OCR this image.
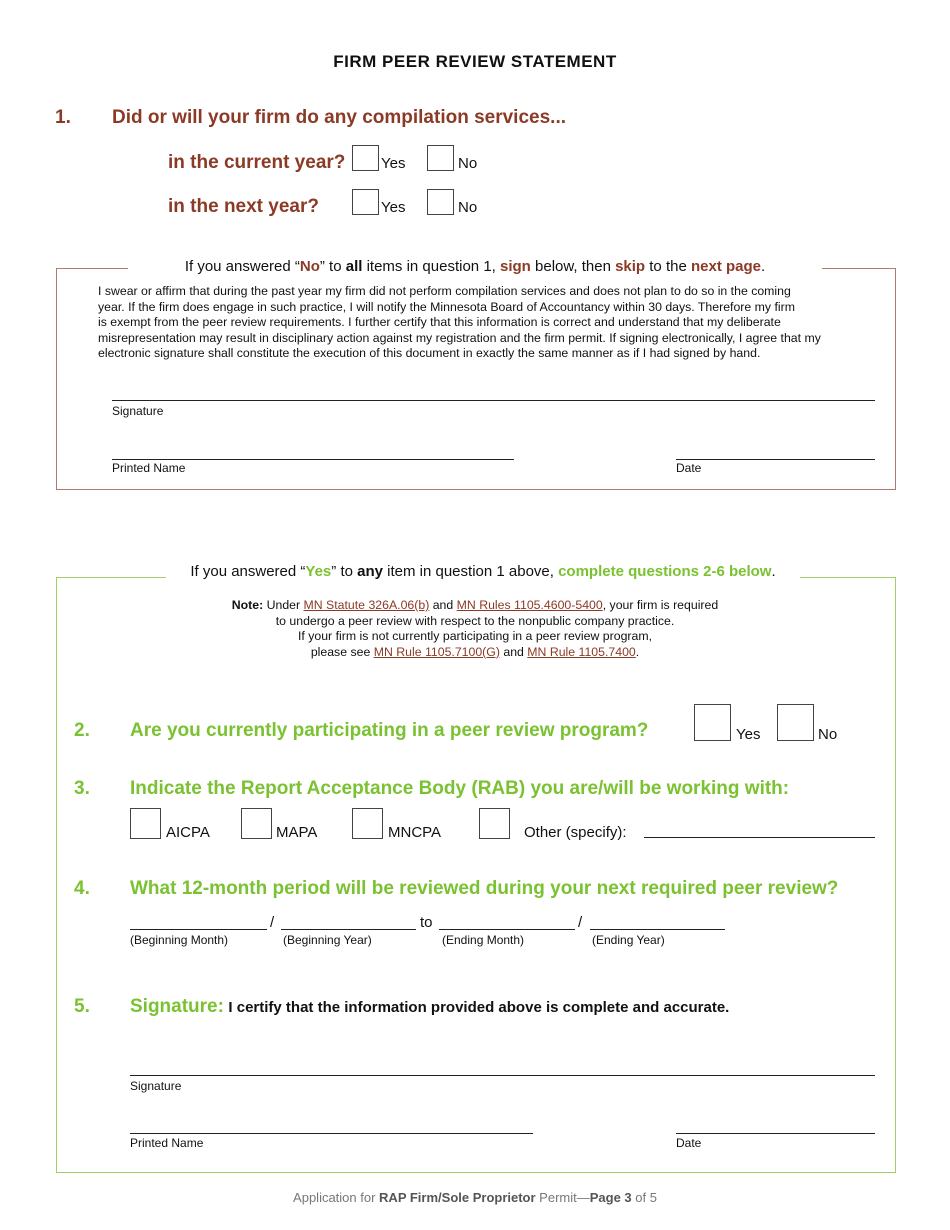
FIRM PEER REVIEW STATEMENT
1. Did or will your firm do any compilation services...
in the current year? Yes	No
in the next year?	Yes	No
If you answered “No” to all items in question 1, sign below, then skip to the next page.
I swear or affirm that during the past year my firm did not perform compilation services and does not plan to do so in the coming
year. If the firm does engage in such practice, I will notify the Minnesota Board of Accountancy within 30 days. Therefore my firm
is exempt from the peer review requirements. I further certify that this information is correct and understand that my deliberate
misrepresentation may result in disciplinary action against my registration and the firm permit. If signing electronically, I agree that my
electronic signature shall constitute the execution of this document in exactly the same manner as if I had signed by hand.
Signature
Printed Name	Date
If you answered “Yes” to any item in question 1 above, complete questions 2-6 below.
Note: Under MN Statute 326A.06(b) and MN Rules 1105.4600-5400, your firm is required
to undergo a peer review with respect to the nonpublic company practice.
If your firm is not currently participating in a peer review program,
please see MN Rule 1105.7100(G) and MN Rule 1105.7400.
2. Are you currently participating in a peer review program?	Yes	No
3. Indicate the Report Acceptance Body (RAB) you are/will be working with:
AICPA	MAPA	MNCPA	Other (specify):
4. What 12-month period will be reviewed during your next required peer review?
/	to	/
(Beginning Month)	(Beginning Year)	(Ending Month)	(Ending Year)
5. Signature: I certify that the information provided above is complete and accurate.
Signature
Printed Name	Date
Application for RAP Firm/Sole Proprietor Permit—Page 3 of 5
